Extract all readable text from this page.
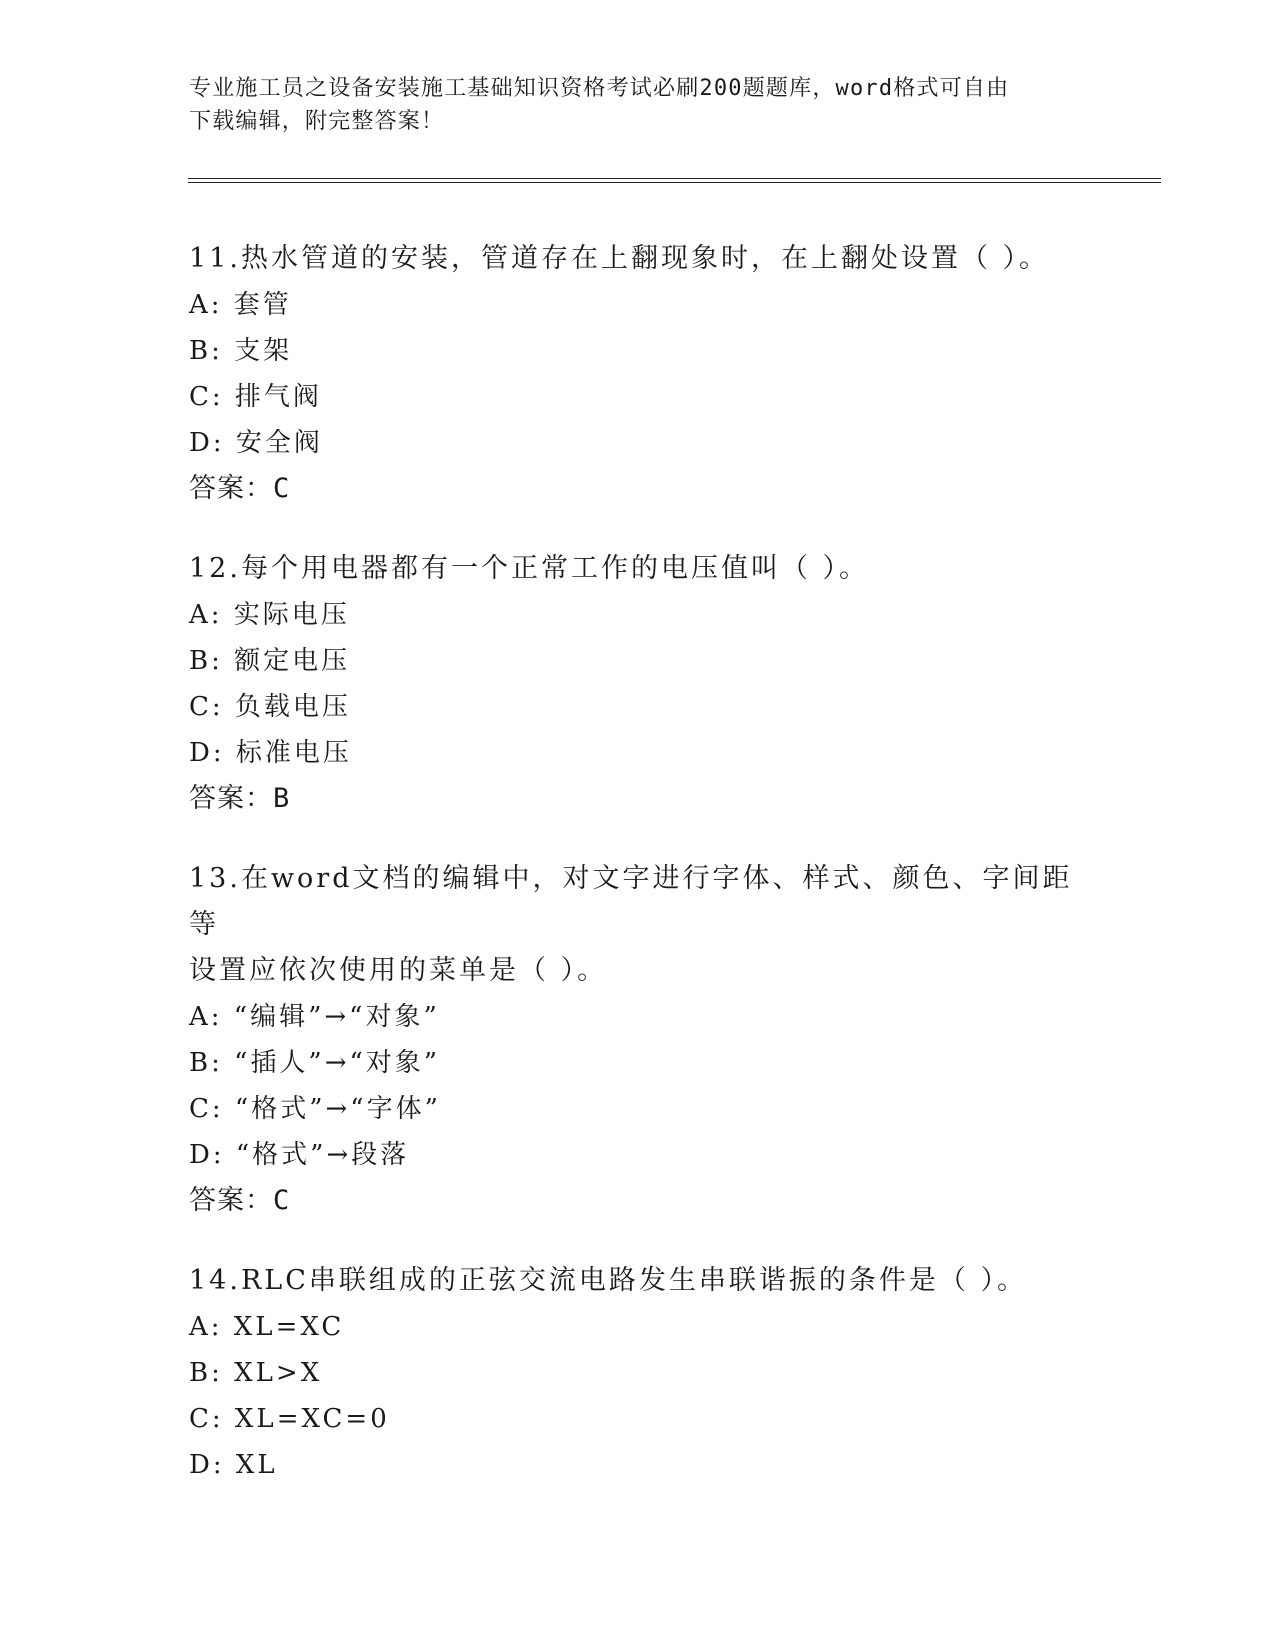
专业施工员之设备安装施工基础知识资格考试必刷200题题库，word格式可自由
下载编辑，附完整答案！
11.热水管道的安装，管道存在上翻现象时，在上翻处设置（ ）。
A: 套管
B: 支架
C: 排气阀
D: 安全阀
答案：C
12.每个用电器都有一个正常工作的电压值叫（ ）。
A: 实际电压
B: 额定电压
C: 负载电压
D: 标准电压
答案：B
13.在word文档的编辑中，对文字进行字体、样式、颜色、字间距等
设置应依次使用的菜单是（ ）。
A: “编辑”→“对象”
B: “插人”→“对象”
C: “格式”→“字体”
D: “格式”→段落
答案：C
14.RLC串联组成的正弦交流电路发生串联谐振的条件是（ ）。
A: XL=XC
B: XL>X
C: XL=XC=0
D: XL
